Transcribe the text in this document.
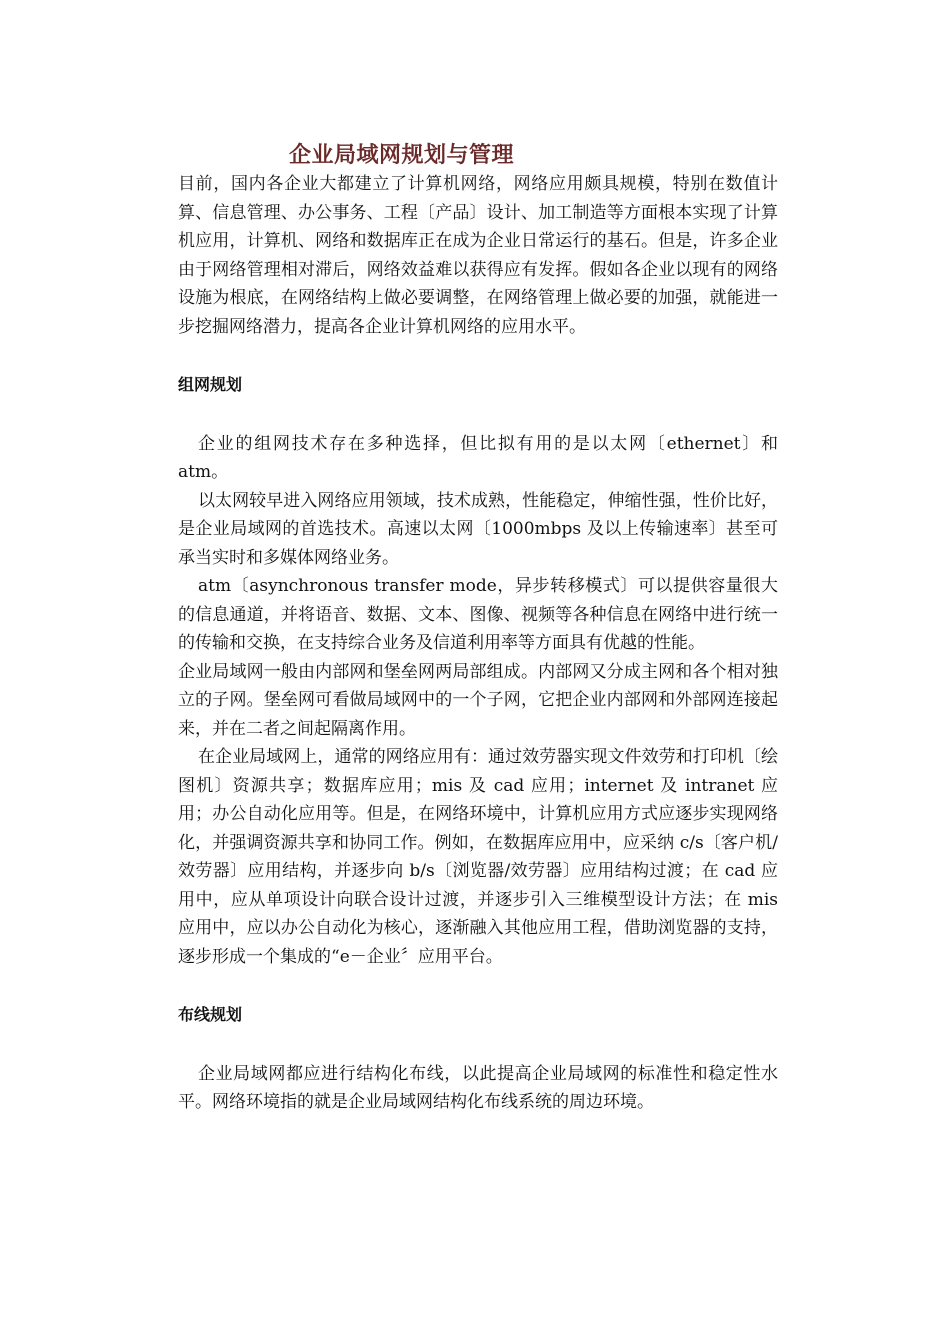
企业局域网规划与管理

目前，国内各企业大都建立了计算机网络，网络应用颇具规模，特别在数值计算、信息管理、办公事务、工程〔产品〕设计、加工制造等方面根本实现了计算机应用，计算机、网络和数据库正在成为企业日常运行的基石。但是，许多企业由于网络管理相对滞后，网络效益难以获得应有发挥。假如各企业以现有的网络设施为根底，在网络结构上做必要调整，在网络管理上做必要的加强，就能进一步挖掘网络潜力，提高各企业计算机网络的应用水平。

组网规划

企业的组网技术存在多种选择，但比拟有用的是以太网〔ethernet〕和 atm。

以太网较早进入网络应用领域，技术成熟，性能稳定，伸缩性强，性价比好，是企业局域网的首选技术。高速以太网〔1000mbps 及以上传输速率〕甚至可承当实时和多媒体网络业务。

atm〔asynchronous transfer mode，异步转移模式〕可以提供容量很大的信息通道，并将语音、数据、文本、图像、视频等各种信息在网络中进行统一的传输和交换，在支持综合业务及信道利用率等方面具有优越的性能。

企业局域网一般由内部网和堡垒网两局部组成。内部网又分成主网和各个相对独立的子网。堡垒网可看做局域网中的一个子网，它把企业内部网和外部网连接起来，并在二者之间起隔离作用。

在企业局域网上，通常的网络应用有：通过效劳器实现文件效劳和打印机〔绘图机〕资源共享；数据库应用；mis 及 cad 应用；internet 及 intranet 应用；办公自动化应用等。但是，在网络环境中，计算机应用方式应逐步实现网络化，并强调资源共享和协同工作。例如，在数据库应用中，应采纳 c/s〔客户机/效劳器〕应用结构，并逐步向 b/s〔浏览器/效劳器〕应用结构过渡；在 cad 应用中，应从单项设计向联合设计过渡，并逐步引入三维模型设计方法；在 mis 应用中，应以办公自动化为核心，逐渐融入其他应用工程，借助浏览器的支持，逐步形成一个集成的“e－企业〞应用平台。

布线规划

企业局域网都应进行结构化布线，以此提高企业局域网的标准性和稳定性水平。网络环境指的就是企业局域网结构化布线系统的周边环境。
